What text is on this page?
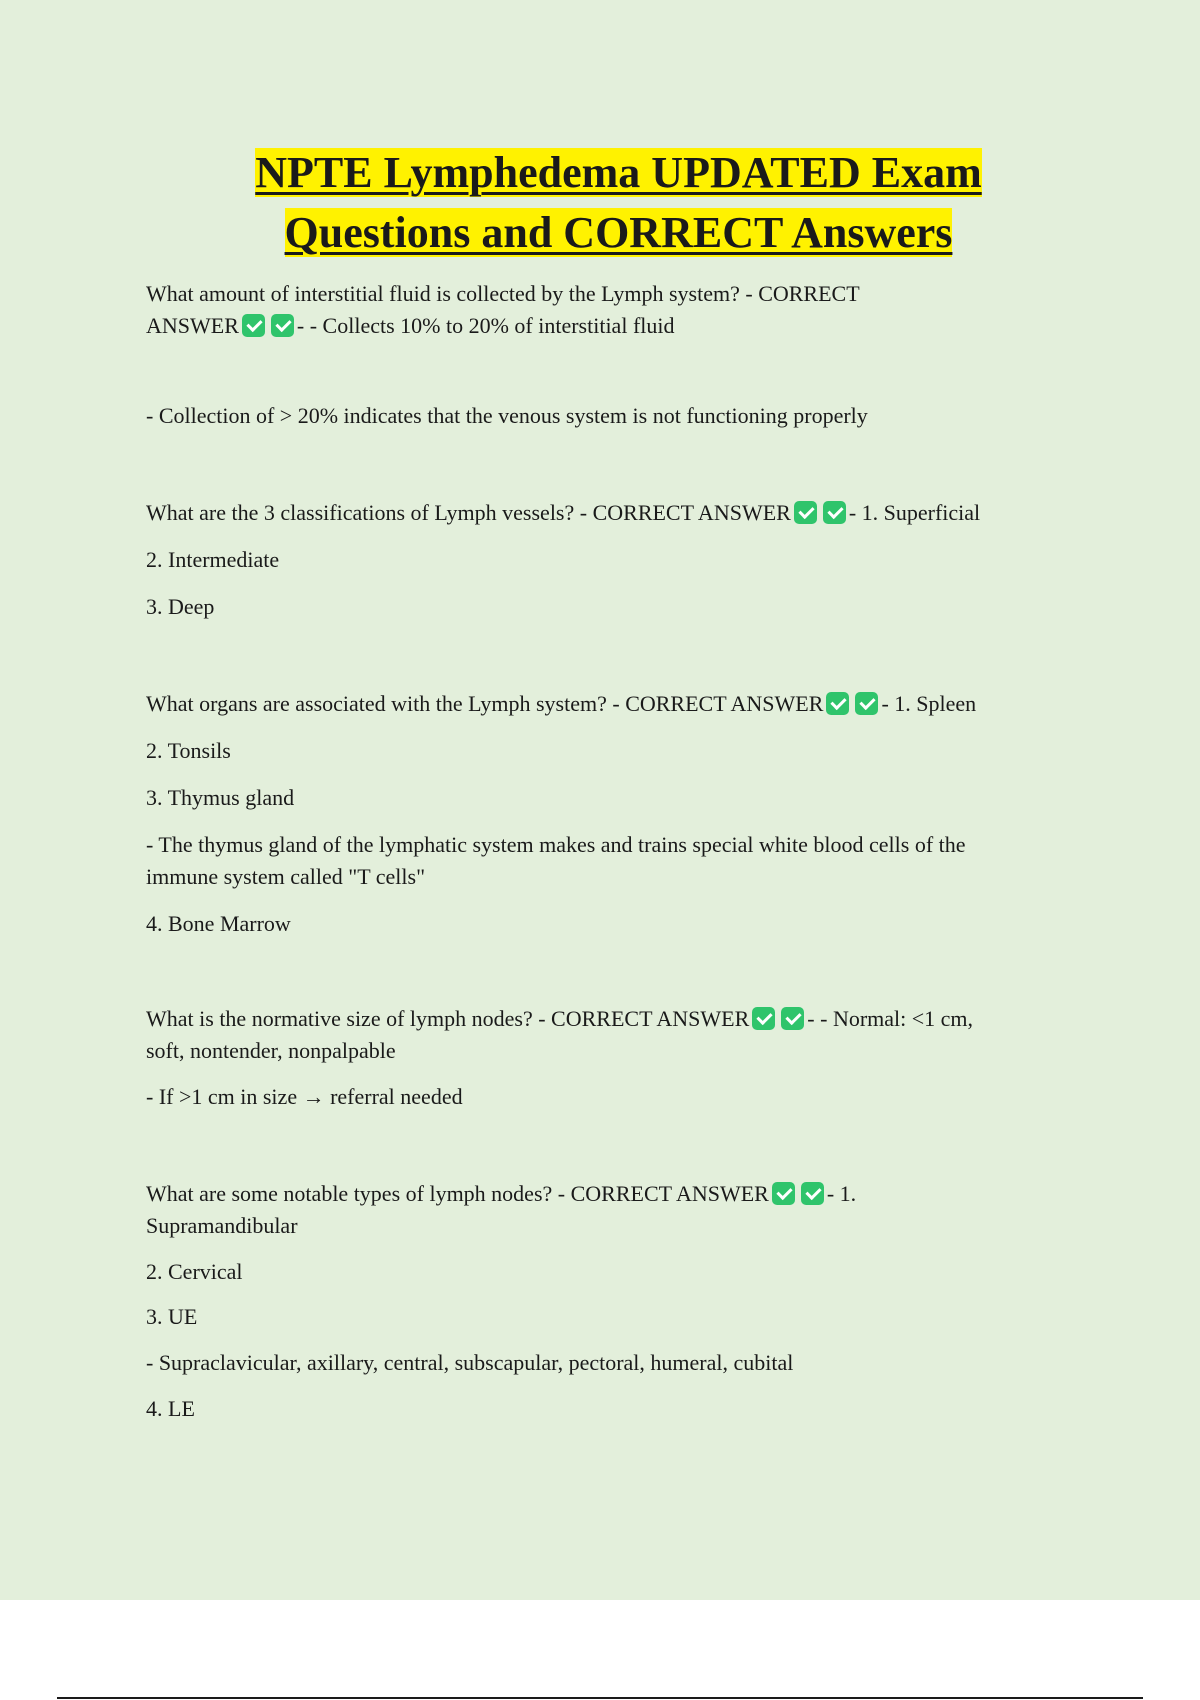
NPTE Lymphedema UPDATED Exam
Questions and CORRECT Answers

What amount of interstitial fluid is collected by the Lymph system? - CORRECT
ANSWER	- - Collects 10% to 20% of interstitial fluid

- Collection of > 20% indicates that the venous system is not functioning properly

What are the 3 classifications of Lymph vessels? - CORRECT ANSWER	- 1. Superficial

2. Intermediate

3. Deep

What organs are associated with the Lymph system? - CORRECT ANSWER	- 1. Spleen

2. Tonsils

3. Thymus gland

- The thymus gland of the lymphatic system makes and trains special white blood cells of the
immune system called "T cells"

4. Bone Marrow

What is the normative size of lymph nodes? - CORRECT ANSWER	- - Normal: <1 cm,
soft, nontender, nonpalpable

- If >1 cm in size → referral needed

What are some notable types of lymph nodes? - CORRECT ANSWER	- 1.
Supramandibular

2. Cervical

3. UE

- Supraclavicular, axillary, central, subscapular, pectoral, humeral, cubital

4. LE
